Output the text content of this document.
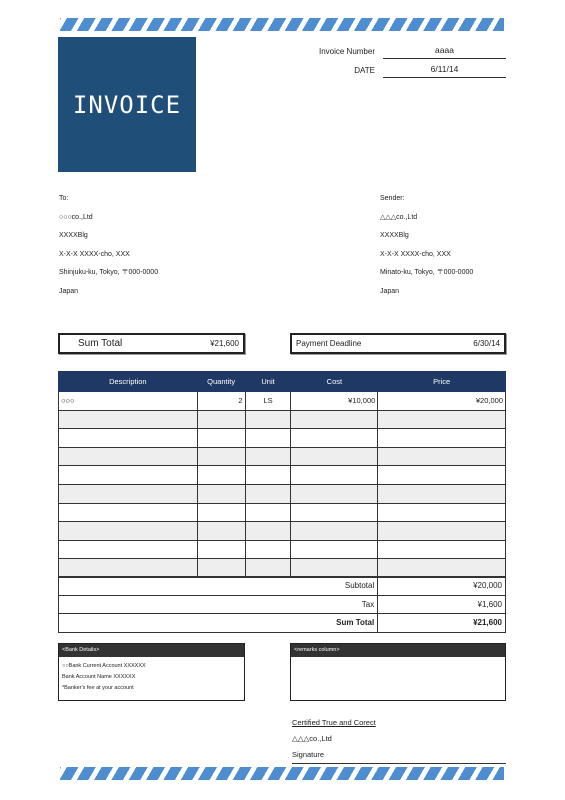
INVOICE
Invoice Number	aaaa
DATE	6/11/14
To:
○○○co.,Ltd
XXXXBlg
X-X-X XXXX-cho, XXX
Shinjuku-ku, Tokyo, 〒000-0000
Japan
Sender:
△△△co.,Ltd
XXXXBlg
X-X-X XXXX-cho, XXX
Minato-ku, Tokyo, 〒000-0000
Japan
Sum Total	¥21,600	Payment Deadline	6/30/14
Description	Quantity	Unit	Cost	Price
○○○	2	LS	¥10,000	¥20,000

Subtotal	¥20,000
Tax	¥1,600
Sum Total	¥21,600
<Bank Details>
○○Bank Current Account XXXXXX
Bank Account Name XXXXXX
*Banker's fee at your account
<remarks column>
Certified True and Corect
△△△co.,Ltd
Signature
